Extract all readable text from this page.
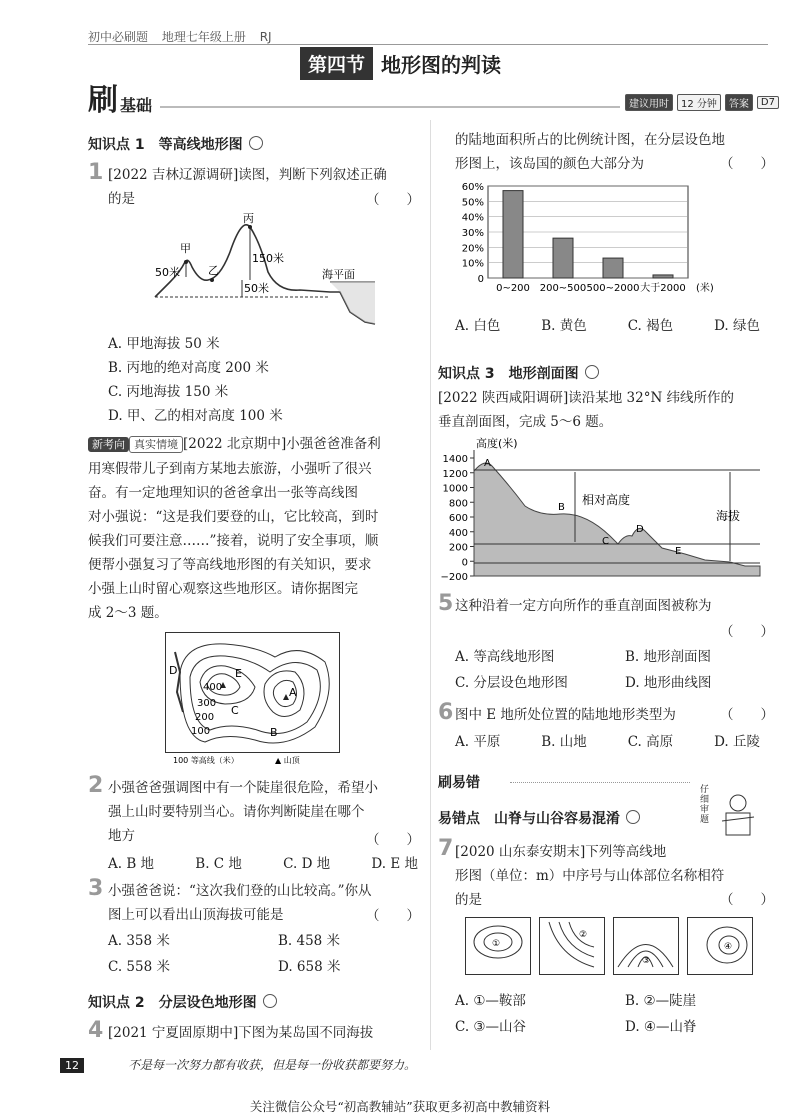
初中必刷题 地理七年级上册 RJ
第四节 地形图的判读
刷 基础	建议用时	12 分钟	答案	D7
知识点 1　等高线地形图
1 [2022 吉林辽源调研]读图，判断下列叙述正确
的是	（　　）
甲
乙
丙
50米
150米
50米
海平面
A. 甲地海拔 50 米
B. 丙地的绝对高度 200 米
C. 丙地海拔 150 米
D. 甲、乙的相对高度 100 米
新考向 真实情境 [2022 北京期中]小强爸爸准备利
用寒假带儿子到南方某地去旅游，小强听了很兴
奋。有一定地理知识的爸爸拿出一张等高线图
对小强说：“这是我们要登的山，它比较高，到时
候我们可要注意……”接着，说明了安全事项，顺
便帮小强复习了等高线地形图的有关知识，要求
小强上山时留心观察这些地形区。请你据图完
成 2～3 题。
D	E
A
C
B
400
300
200
100
100 等高线（米）	▲ 山顶
2 小强爸爸强调图中有一个陡崖很危险，希望小
强上山时要特别当心。请你判断陡崖在哪个
地方	（　　）
A. B 地	B. C 地	C. D 地	D. E 地
3 小强爸爸说：“这次我们登的山比较高。”你从
图上可以看出山顶海拔可能是	（　　）
A. 358 米	B. 458 米
C. 558 米	D. 658 米
知识点 2　分层设色地形图
4 [2021 宁夏固原期中]下图为某岛国不同海拔
12	不是每一次努力都有收获，但是每一份收获都要努力。
的陆地面积所占的比例统计图，在分层设色地
形图上，该岛国的颜色大部分为	（　　）
60%
50%
40%
30%
20%
10%
0
0~200 200~500 500~2000 大于2000 (米)
A. 白色	B. 黄色	C. 褐色	D. 绿色
知识点 3　地形剖面图
[2022 陕西咸阳调研]读沿某地 32°N 纬线所作的
垂直剖面图，完成 5～6 题。
高度(米)
1400
1200
1000
800
600
400
200
0
−200
相对高度
海拔
A
B
C
D
E
5 这种沿着一定方向所作的垂直剖面图被称为
（　　）
A. 等高线地形图	B. 地形剖面图
C. 分层设色地形图	D. 地形曲线图
6 图中 E 地所处位置的陆地地形类型为	（　　）
A. 平原	B. 山地	C. 高原	D. 丘陵
刷易错
易错点　山脊与山谷容易混淆
仔细审题
7 [2020 山东泰安期末]下列等高线地
形图（单位：m）中序号与山体部位名称相符
的是	（　　）
①
②
③
④
A. ①—鞍部	B. ②—陡崖
C. ③—山谷	D. ④—山脊
关注微信公众号“初高教辅站”获取更多初高中教辅资料
